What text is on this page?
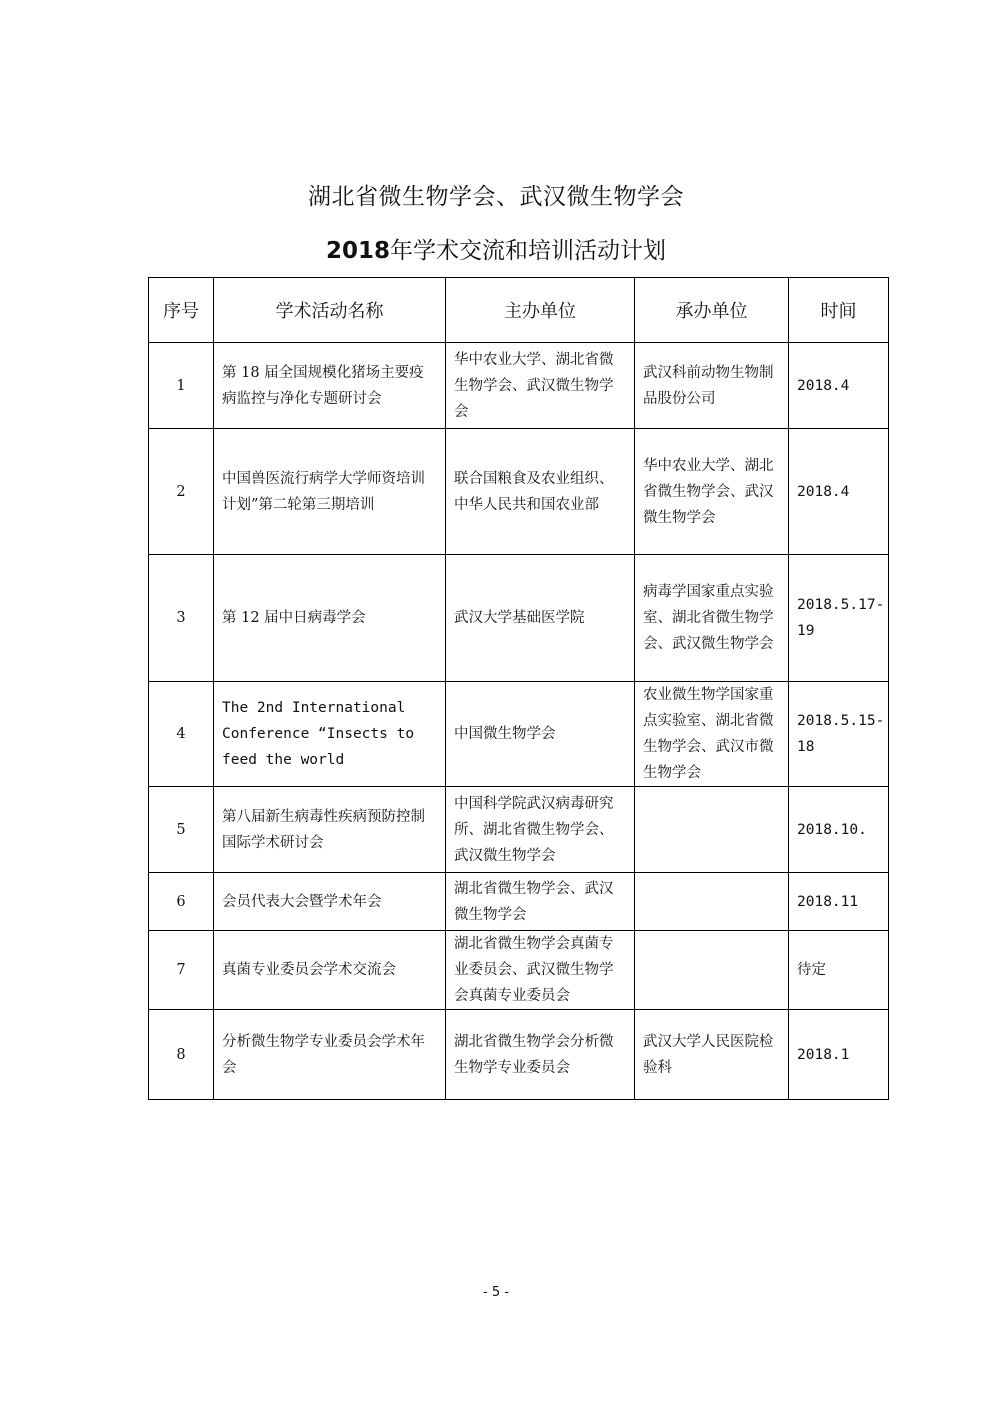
湖北省微生物学会、武汉微生物学会
2018年学术交流和培训活动计划
序号	学术活动名称	主办单位	承办单位	时间
1	第 18 届全国规模化猪场主要疫病监控与净化专题研讨会	华中农业大学、湖北省微生物学会、武汉微生物学会	武汉科前动物生物制品股份公司	2018.4
2	中国兽医流行病学大学师资培训计划”第二轮第三期培训	联合国粮食及农业组织、中华人民共和国农业部	华中农业大学、湖北省微生物学会、武汉微生物学会	2018.4
3	第 12 届中日病毒学会	武汉大学基础医学院	病毒学国家重点实验室、湖北省微生物学会、武汉微生物学会	2018.5.17-19
4	The 2nd International Conference “Insects to feed the world	中国微生物学会	农业微生物学国家重点实验室、湖北省微生物学会、武汉市微生物学会	2018.5.15-18
5	第八届新生病毒性疾病预防控制国际学术研讨会	中国科学院武汉病毒研究所、湖北省微生物学会、武汉微生物学会		2018.10.
6	会员代表大会暨学术年会	湖北省微生物学会、武汉微生物学会		2018.11
7	真菌专业委员会学术交流会	湖北省微生物学会真菌专业委员会、武汉微生物学会真菌专业委员会		待定
8	分析微生物学专业委员会学术年会	湖北省微生物学会分析微生物学专业委员会	武汉大学人民医院检验科	2018.1
- 5 -
